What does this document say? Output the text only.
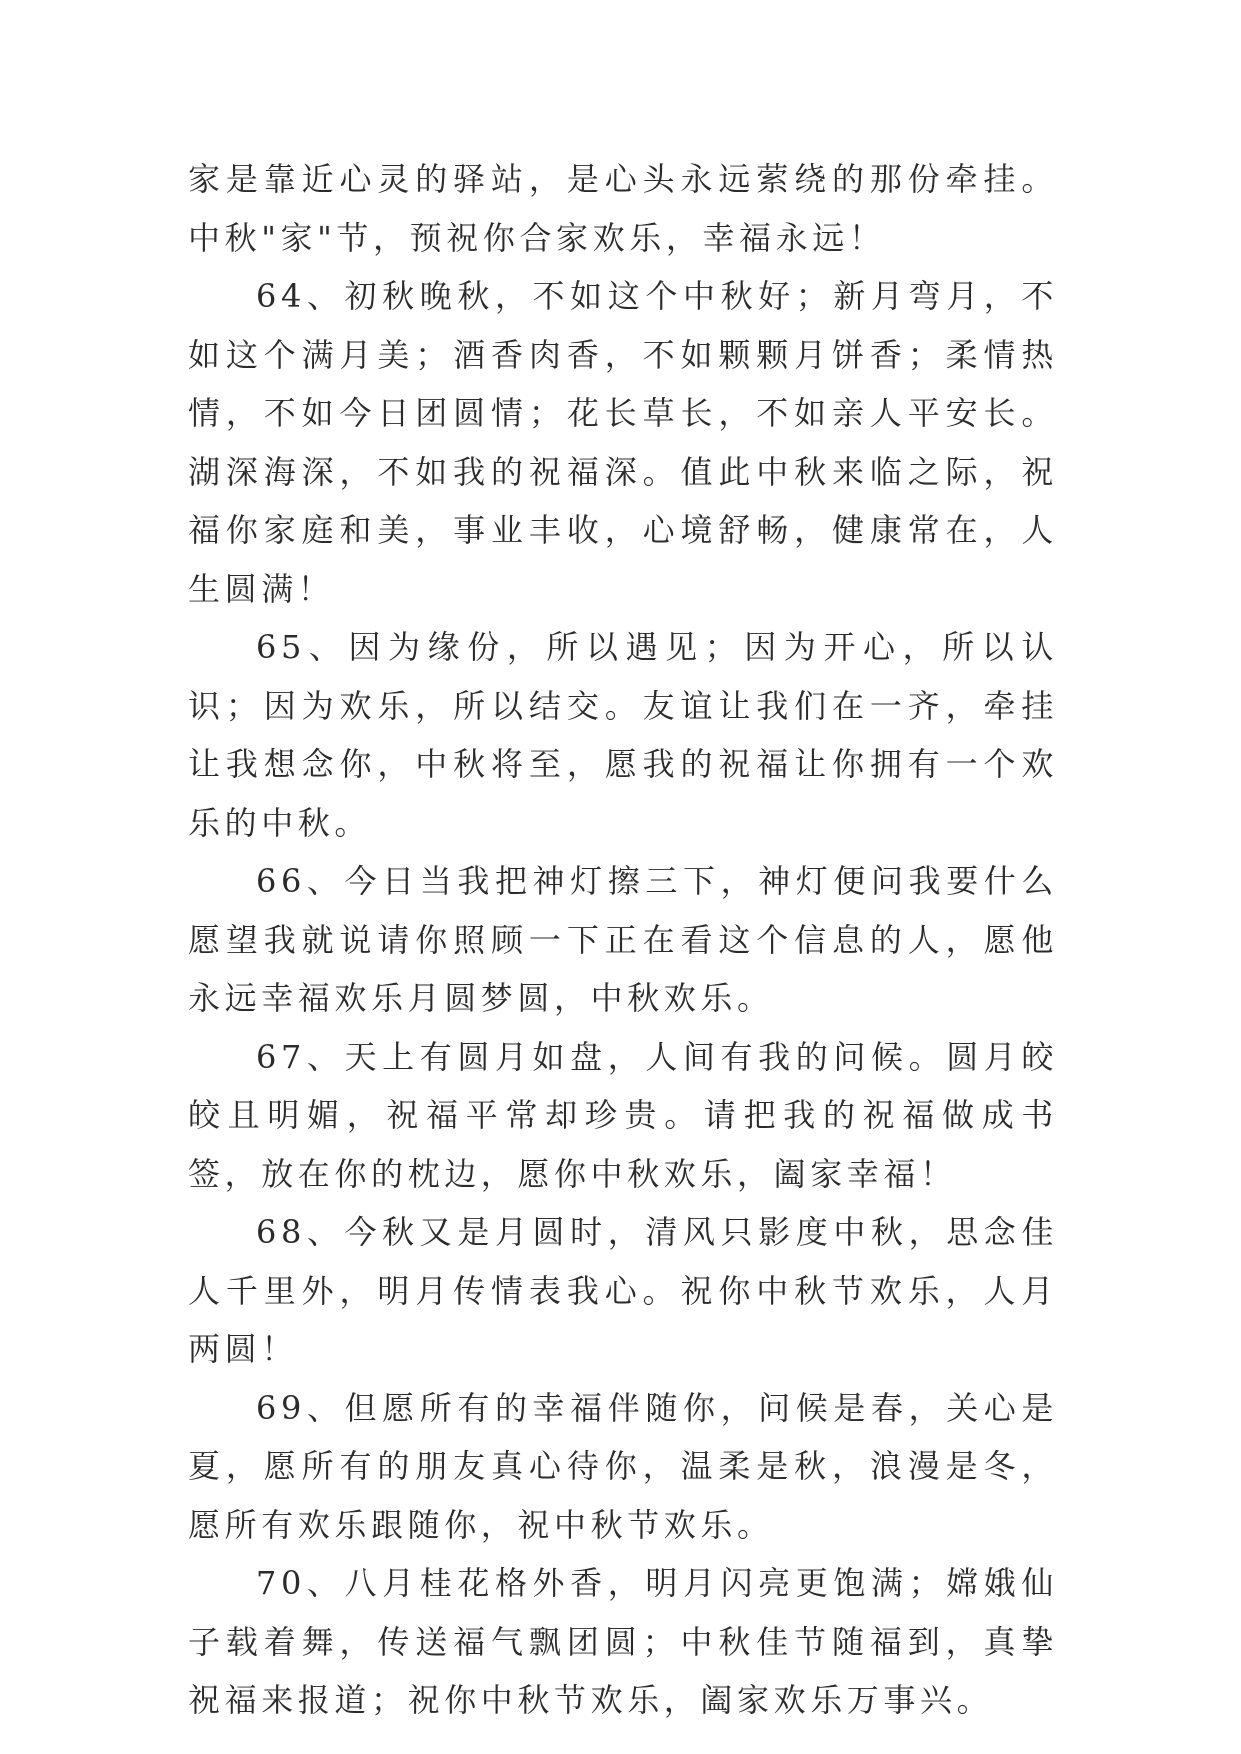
家是靠近心灵的驿站，是心头永远萦绕的那份牵挂。中秋"家"节，预祝你合家欢乐，幸福永远！

64、初秋晚秋，不如这个中秋好；新月弯月，不如这个满月美；酒香肉香，不如颗颗月饼香；柔情热情，不如今日团圆情；花长草长，不如亲人平安长。湖深海深，不如我的祝福深。值此中秋来临之际，祝福你家庭和美，事业丰收，心境舒畅，健康常在，人生圆满！

65、因为缘份，所以遇见；因为开心，所以认识；因为欢乐，所以结交。友谊让我们在一齐，牵挂让我想念你，中秋将至，愿我的祝福让你拥有一个欢乐的中秋。

66、今日当我把神灯擦三下，神灯便问我要什么愿望我就说请你照顾一下正在看这个信息的人，愿他永远幸福欢乐月圆梦圆，中秋欢乐。

67、天上有圆月如盘，人间有我的问候。圆月皎皎且明媚，祝福平常却珍贵。请把我的祝福做成书签，放在你的枕边，愿你中秋欢乐，阖家幸福！

68、今秋又是月圆时，清风只影度中秋，思念佳人千里外，明月传情表我心。祝你中秋节欢乐，人月两圆！

69、但愿所有的幸福伴随你，问候是春，关心是夏，愿所有的朋友真心待你，温柔是秋，浪漫是冬，愿所有欢乐跟随你，祝中秋节欢乐。

70、八月桂花格外香，明月闪亮更饱满；嫦娥仙子载着舞，传送福气飘团圆；中秋佳节随福到，真挚祝福来报道；祝你中秋节欢乐，阖家欢乐万事兴。
